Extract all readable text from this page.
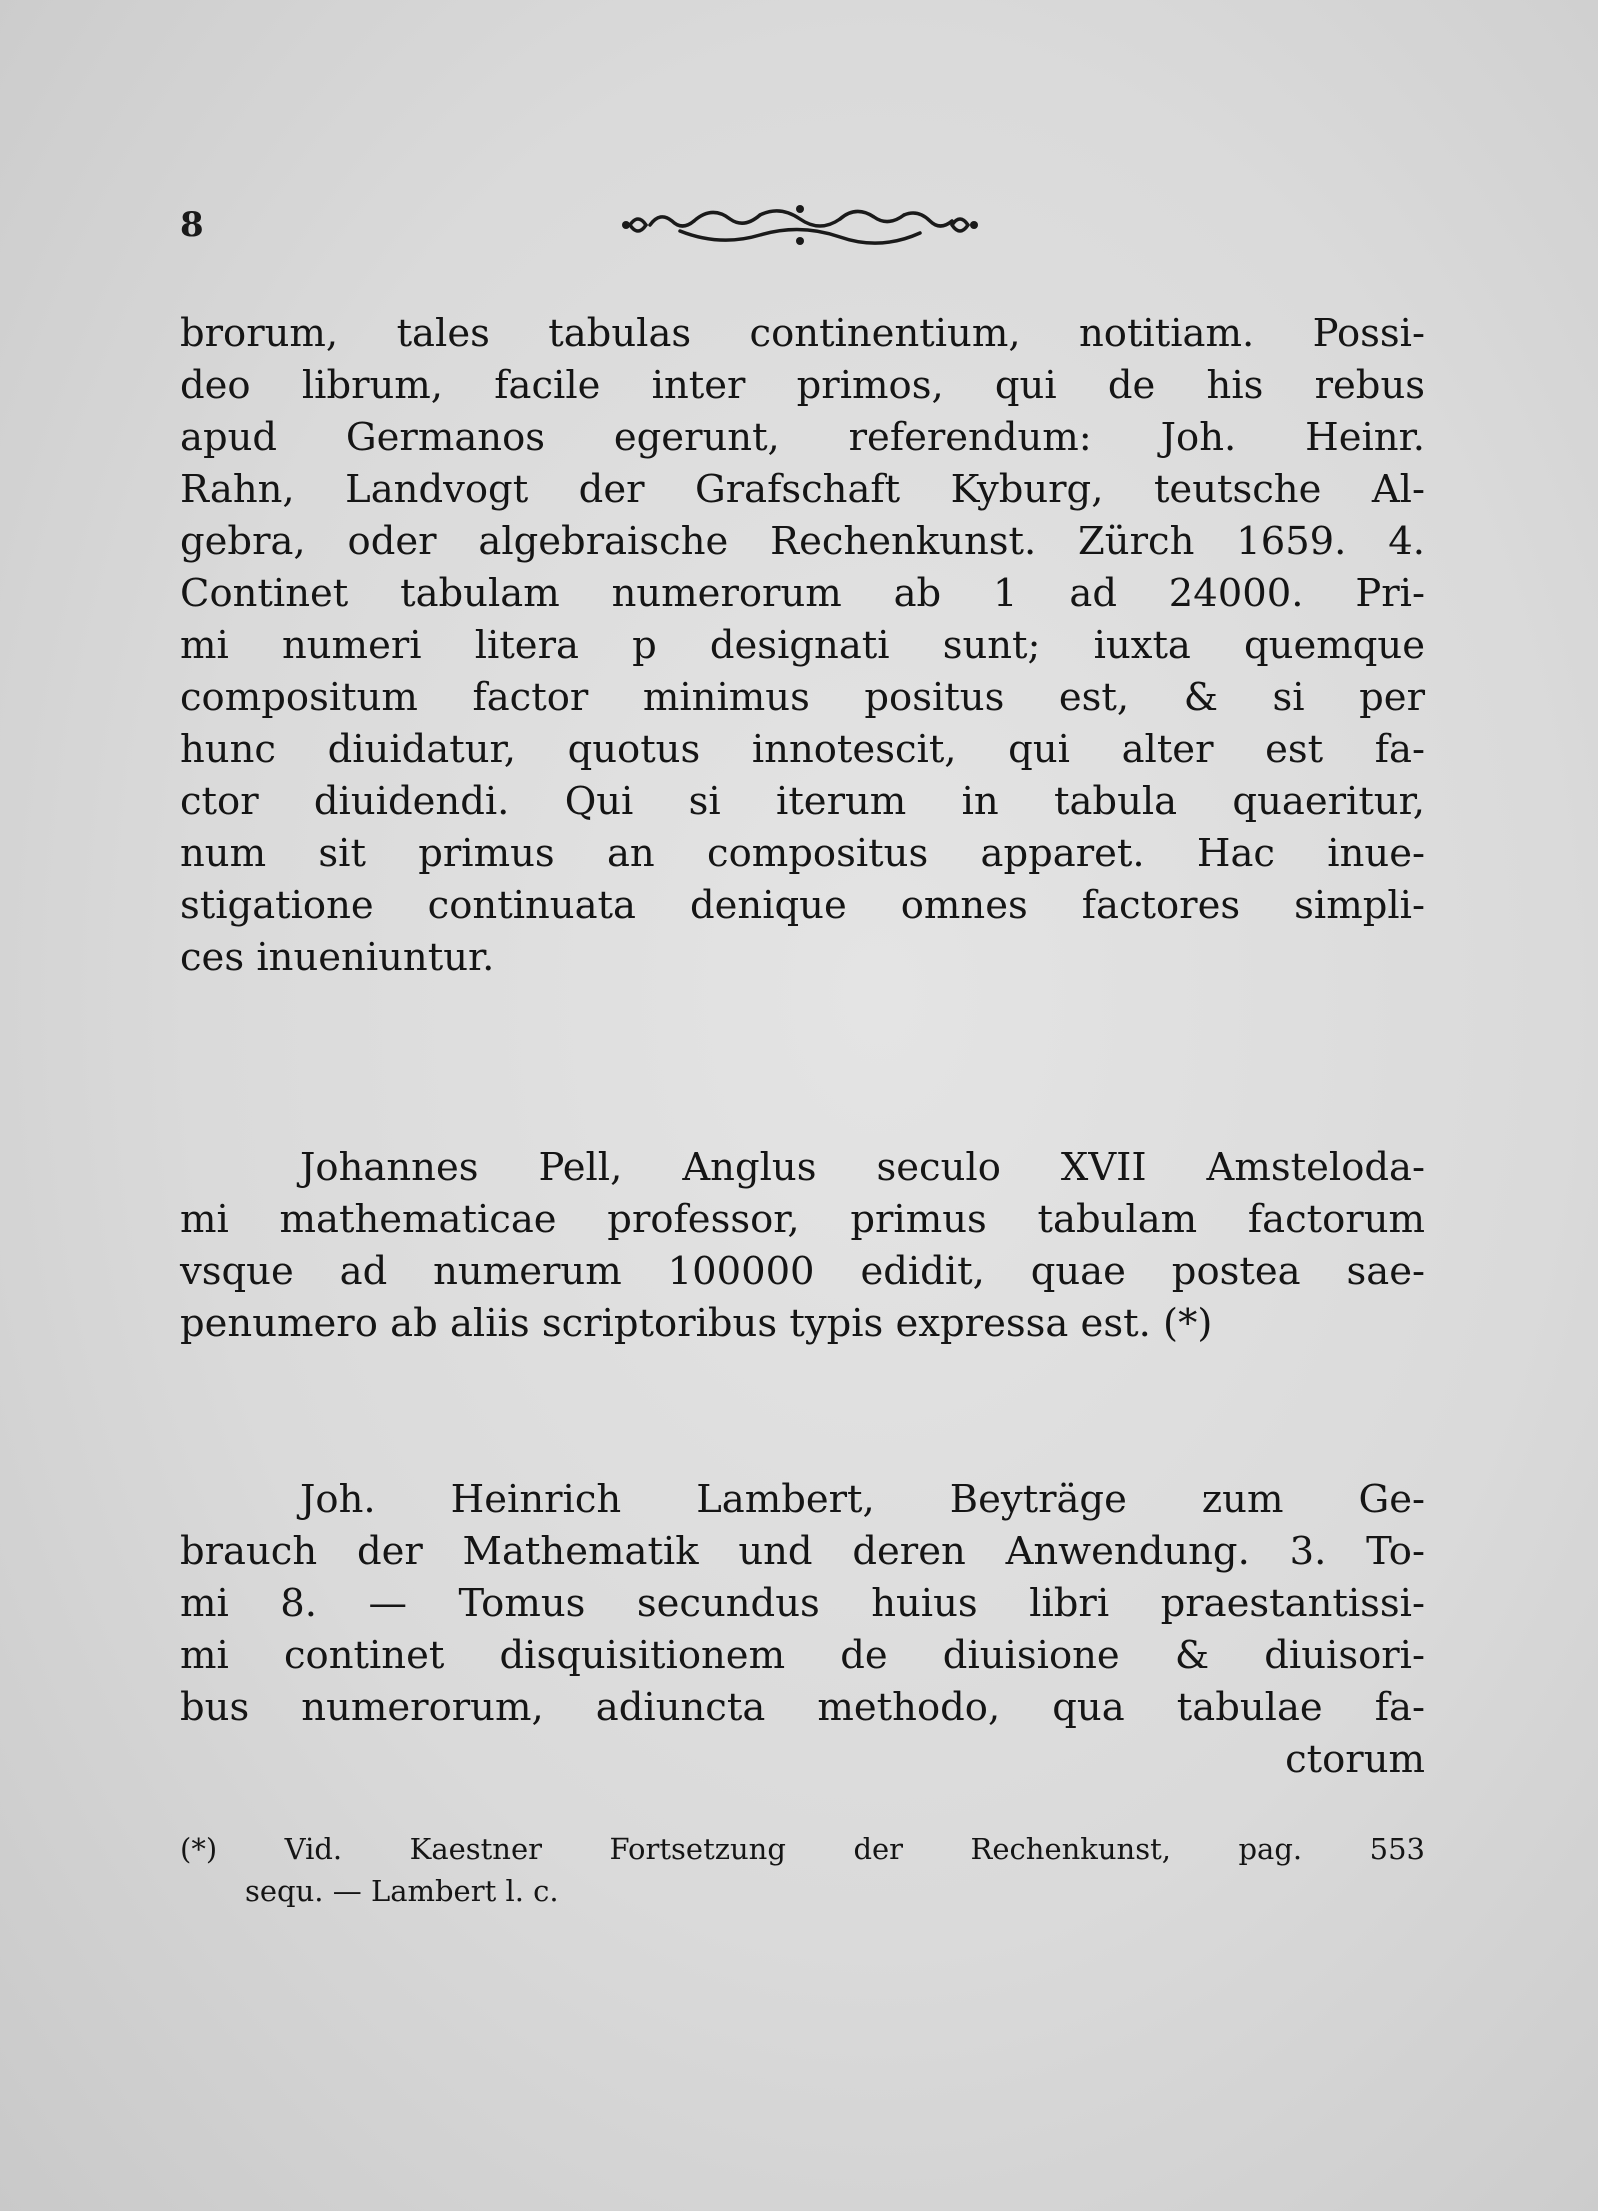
8
brorum, tales tabulas continentium, notitiam. Possi-
deo librum, facile inter primos, qui de his rebus
apud Germanos egerunt, referendum: Joh. Heinr.
Rahn, Landvogt der Grafschaft Kyburg, teutsche Al-
gebra, oder algebraische Rechenkunst. Zürch 1659. 4.
Continet tabulam numerorum ab 1 ad 24000. Pri-
mi numeri litera p designati sunt; iuxta quemque
compositum factor minimus positus est, & si per
hunc diuidatur, quotus innotescit, qui alter est fa-
ctor diuidendi. Qui si iterum in tabula quaeritur,
num sit primus an compositus apparet. Hac inue-
stigatione continuata denique omnes factores simpli-
ces inueniuntur.
Johannes Pell, Anglus seculo XVII Amsteloda-
mi mathematicae professor, primus tabulam factorum
vsque ad numerum 100000 edidit, quae postea sae-
penumero ab aliis scriptoribus typis expressa est. (*)
Joh. Heinrich Lambert, Beyträge zum Ge-
brauch der Mathematik und deren Anwendung. 3. To-
mi 8. — Tomus secundus huius libri praestantissi-
mi continet disquisitionem de diuisione & diuisori-
bus numerorum, adiuncta methodo, qua tabulae fa-
ctorum
(*) Vid. Kaestner Fortsetzung der Rechenkunst, pag. 553
sequ. — Lambert l. c.
